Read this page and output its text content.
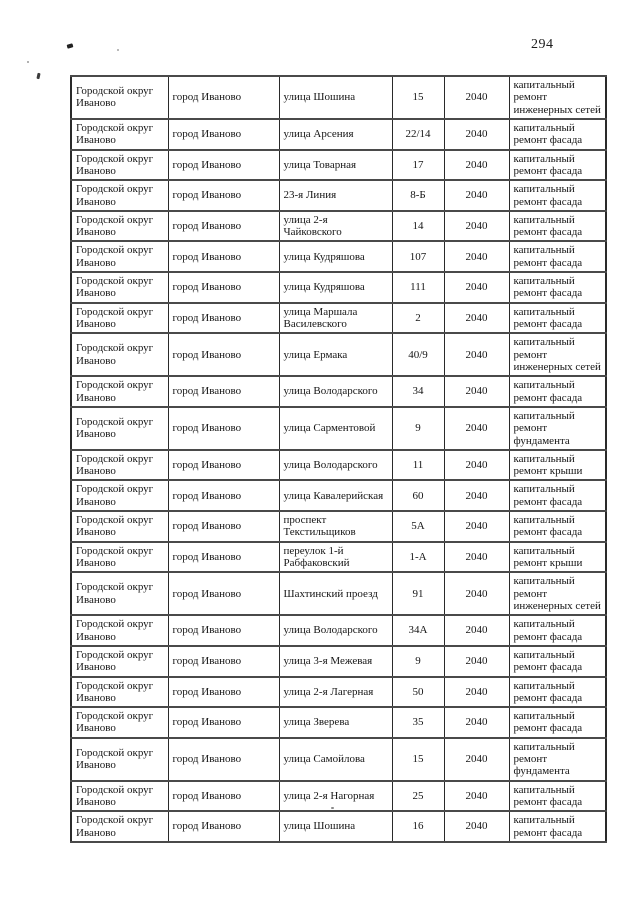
294
Городской округ Иваново	город Иваново	улица Шошина	15	2040	капитальный ремонт инженерных сетей
Городской округ Иваново	город Иваново	улица Арсения	22/14	2040	капитальный ремонт фасада
Городской округ Иваново	город Иваново	улица Товарная	17	2040	капитальный ремонт фасада
Городской округ Иваново	город Иваново	23-я Линия	8-Б	2040	капитальный ремонт фасада
Городской округ Иваново	город Иваново	улица 2-я Чайковского	14	2040	капитальный ремонт фасада
Городской округ Иваново	город Иваново	улица Кудряшова	107	2040	капитальный ремонт фасада
Городской округ Иваново	город Иваново	улица Кудряшова	111	2040	капитальный ремонт фасада
Городской округ Иваново	город Иваново	улица Маршала Василевского	2	2040	капитальный ремонт фасада
Городской округ Иваново	город Иваново	улица Ермака	40/9	2040	капитальный ремонт инженерных сетей
Городской округ Иваново	город Иваново	улица Володарского	34	2040	капитальный ремонт фасада
Городской округ Иваново	город Иваново	улица Сарментовой	9	2040	капитальный ремонт фундамента
Городской округ Иваново	город Иваново	улица Володарского	11	2040	капитальный ремонт крыши
Городской округ Иваново	город Иваново	улица Кавалерийская	60	2040	капитальный ремонт фасада
Городской округ Иваново	город Иваново	проспект Текстильщиков	5А	2040	капитальный ремонт фасада
Городской округ Иваново	город Иваново	переулок 1-й Рабфаковский	1-А	2040	капитальный ремонт крыши
Городской округ Иваново	город Иваново	Шахтинский проезд	91	2040	капитальный ремонт инженерных сетей
Городской округ Иваново	город Иваново	улица Володарского	34А	2040	капитальный ремонт фасада
Городской округ Иваново	город Иваново	улица 3-я Межевая	9	2040	капитальный ремонт фасада
Городской округ Иваново	город Иваново	улица 2-я Лагерная	50	2040	капитальный ремонт фасада
Городской округ Иваново	город Иваново	улица Зверева	35	2040	капитальный ремонт фасада
Городской округ Иваново	город Иваново	улица Самойлова	15	2040	капитальный ремонт фундамента
Городской округ Иваново	город Иваново	улица 2-я Нагорная	25	2040	капитальный ремонт фасада
Городской округ Иваново	город Иваново	улица Шошина	16	2040	капитальный ремонт фасада
